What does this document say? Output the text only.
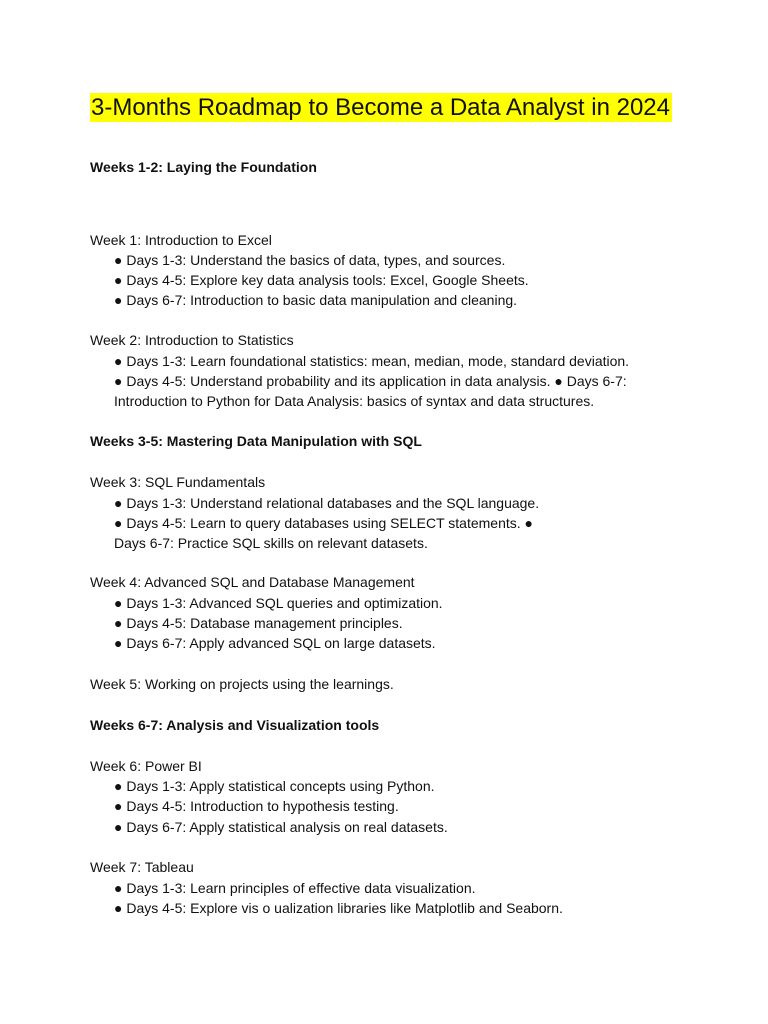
3-Months Roadmap to Become a Data Analyst in 2024
Weeks 1-2: Laying the Foundation
Week 1: Introduction to Excel
● Days 1-3: Understand the basics of data, types, and sources.
● Days 4-5: Explore key data analysis tools: Excel, Google Sheets.
● Days 6-7: Introduction to basic data manipulation and cleaning.
Week 2: Introduction to Statistics
● Days 1-3: Learn foundational statistics: mean, median, mode, standard deviation.
● Days 4-5: Understand probability and its application in data analysis. ● Days 6-7:
Introduction to Python for Data Analysis: basics of syntax and data structures.
Weeks 3-5: Mastering Data Manipulation with SQL
Week 3: SQL Fundamentals
● Days 1-3: Understand relational databases and the SQL language.
● Days 4-5: Learn to query databases using SELECT statements. ●
Days 6-7: Practice SQL skills on relevant datasets.
Week 4: Advanced SQL and Database Management
● Days 1-3: Advanced SQL queries and optimization.
● Days 4-5: Database management principles.
● Days 6-7: Apply advanced SQL on large datasets.
Week 5: Working on projects using the learnings.
Weeks 6-7: Analysis and Visualization tools
Week 6: Power BI
● Days 1-3: Apply statistical concepts using Python.
● Days 4-5: Introduction to hypothesis testing.
● Days 6-7: Apply statistical analysis on real datasets.
Week 7: Tableau
● Days 1-3: Learn principles of effective data visualization.
● Days 4-5: Explore vis o ualization libraries like Matplotlib and Seaborn.
